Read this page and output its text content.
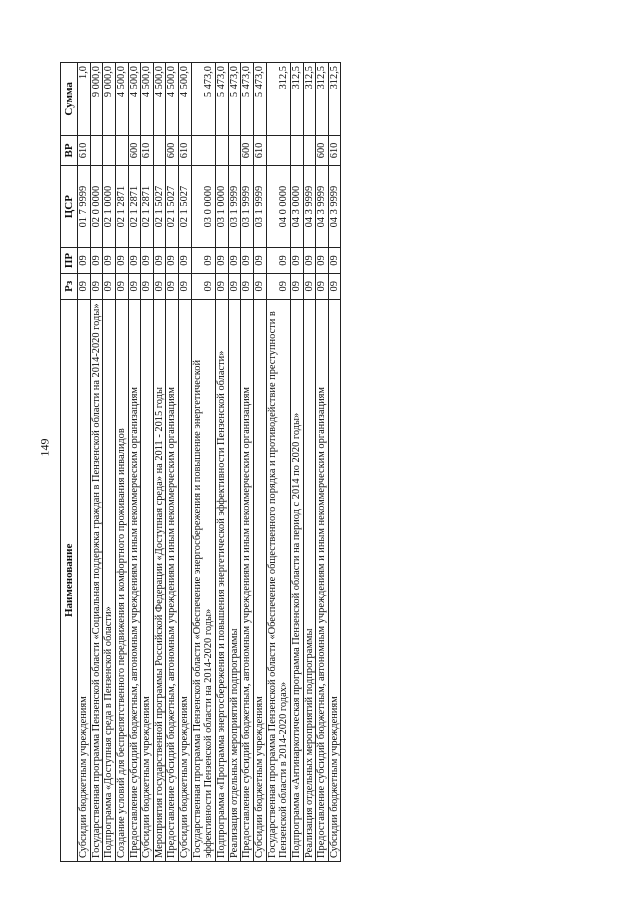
149
Наименование	Рз	ПР	ЦСР	ВР	Сумма
Субсидии бюджетным учреждениям	09	09	01 7 9999	610	1,0
Государственная программа Пензенской области «Социальная поддержка граждан в Пензенской области на 2014-2020 годы»	09	09	02 0 0000		9 000,0
Подпрограмма «Доступная среда в Пензенской области»	09	09	02 1 0000		9 000,0
Создание условий для беспрепятственного передвижения и комфортного проживания инвалидов	09	09	02 1 2871		4 500,0
Предоставление субсидий бюджетным, автономным учреждениям и иным некоммерческим организациям	09	09	02 1 2871	600	4 500,0
Субсидии бюджетным учреждениям	09	09	02 1 2871	610	4 500,0
Мероприятия государственной программы Российской Федерации «Доступная среда» на 2011 - 2015 годы	09	09	02 1 5027		4 500,0
Предоставление субсидий бюджетным, автономным учреждениям и иным некоммерческим организациям	09	09	02 1 5027	600	4 500,0
Субсидии бюджетным учреждениям	09	09	02 1 5027	610	4 500,0
Государственная программа Пензенской области «Обеспечение энергосбережения и повышение энергетической эффективности Пензенской области на 2014-2020 годы»	09	09	03 0 0000		5 473,0
Подпрограмма «Программа энергосбережения и повышения энергетической эффективности Пензенской области»	09	09	03 1 0000		5 473,0
Реализация отдельных мероприятий подпрограммы	09	09	03 1 9999		5 473,0
Предоставление субсидий бюджетным, автономным учреждениям и иным некоммерческим организациям	09	09	03 1 9999	600	5 473,0
Субсидии бюджетным учреждениям	09	09	03 1 9999	610	5 473,0
Государственная программа Пензенской области «Обеспечение общественного порядка и противодействие преступности в Пензенской области в 2014-2020 годах»	09	09	04 0 0000		312,5
Подпрограмма «Антинаркотическая программа Пензенской области на период с 2014 по 2020 годы»	09	09	04 3 0000		312,5
Реализация отдельных мероприятий подпрограммы	09	09	04 3 9999		312,5
Предоставление субсидий бюджетным, автономным учреждениям и иным некоммерческим организациям	09	09	04 3 9999	600	312,5
Субсидии бюджетным учреждениям	09	09	04 3 9999	610	312,5
